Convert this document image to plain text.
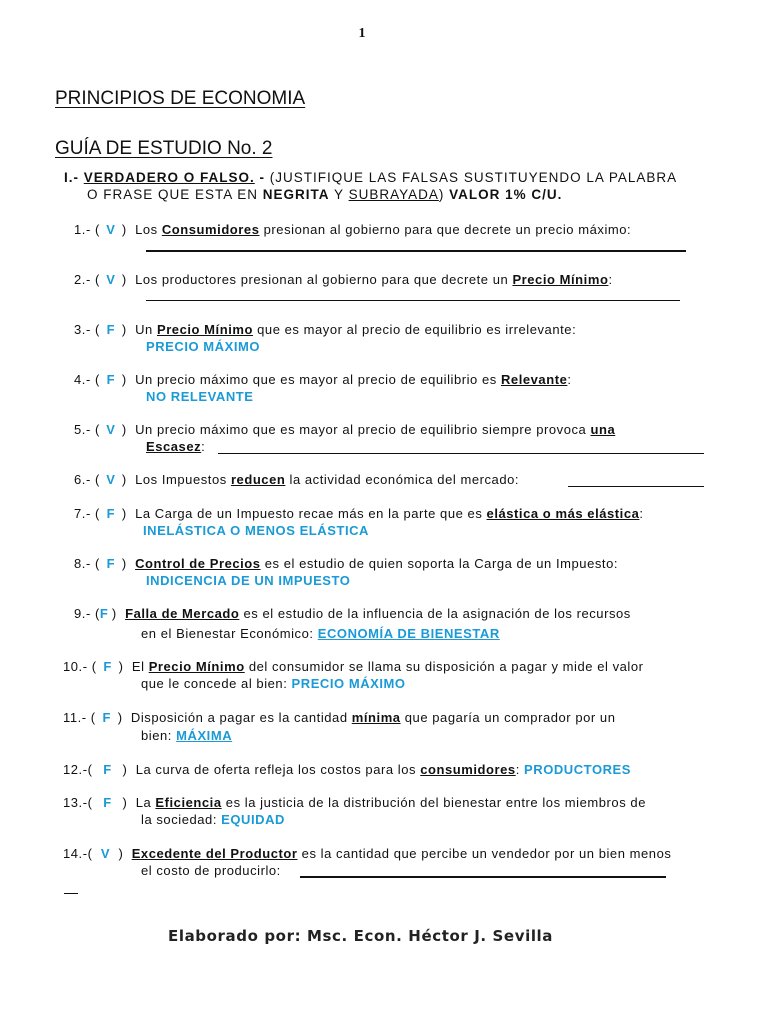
1
PRINCIPIOS DE ECONOMIA
GUÍA DE ESTUDIO No. 2
I.- VERDADERO O FALSO. - (JUSTIFIQUE LAS FALSAS SUSTITUYENDO LA PALABRA
O FRASE QUE ESTA EN NEGRITA Y SUBRAYADA) VALOR 1% C/U.
1.- ( V )  Los Consumidores presionan al gobierno para que decrete un precio máximo:
2.- ( V )  Los productores presionan al gobierno para que decrete un Precio Mínimo:
3.- ( F )  Un Precio Mínimo que es mayor al precio de equilibrio es irrelevante:
PRECIO MÁXIMO
4.- ( F )  Un precio máximo que es mayor al precio de equilibrio es Relevante:
NO RELEVANTE
5.- ( V )  Un precio máximo que es mayor al precio de equilibrio siempre provoca una
Escasez:
6.- ( V )  Los Impuestos reducen la actividad económica del mercado:
7.- ( F )  La Carga de un Impuesto recae más en la parte que es elástica o más elástica:
INELÁSTICA O MENOS ELÁSTICA
8.- ( F )  Control de Precios es el estudio de quien soporta la Carga de un Impuesto:
INDICENCIA DE UN IMPUESTO
9.- (F )  Falla de Mercado es el estudio de la influencia de la asignación de los recursos
en el Bienestar Económico: ECONOMÍA DE BIENESTAR
10.- ( F )  El Precio Mínimo del consumidor se llama su disposición a pagar y mide el valor
que le concede al bien: PRECIO MÁXIMO
11.- ( F )  Disposición a pagar es la cantidad mínima que pagaría un comprador por un
bien: MÁXIMA
12.-( F )  La curva de oferta refleja los costos para los consumidores: PRODUCTORES
13.-( F )  La Eficiencia es la justicia de la distribución del bienestar entre los miembros de
la sociedad: EQUIDAD
14.-( V )  Excedente del Productor es la cantidad que percibe un vendedor por un bien menos
el costo de producirlo:
Elaborado por: Msc. Econ. Héctor J. Sevilla
